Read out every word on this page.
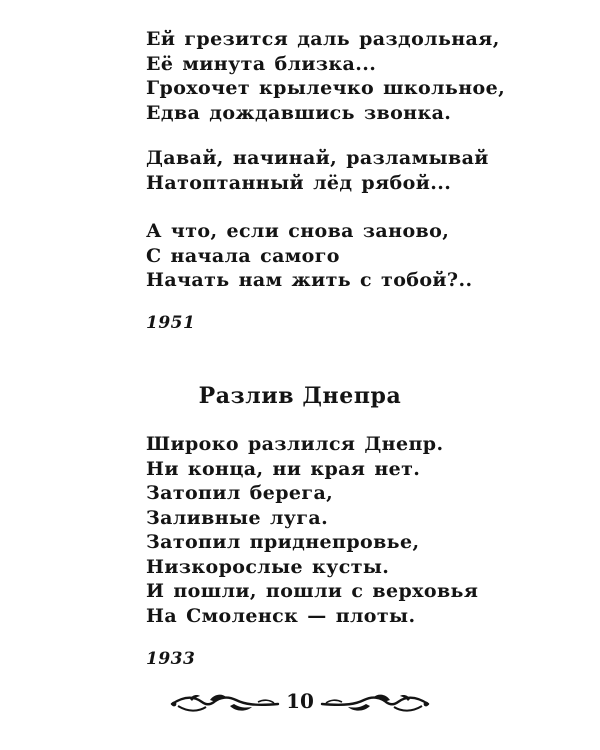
Ей грезится даль раздольная,
Её минута близка...
Грохочет крылечко школьное,
Едва дождавшись звонка.
Давай, начинай, разламывай
Натоптанный лёд рябой...
А что, если снова заново,
С начала самого
Начать нам жить с тобой?..
1951
Разлив Днепра
Широко разлился Днепр.
Ни конца, ни края нет.
Затопил берега,
Заливные луга.
Затопил приднепровье,
Низкорослые кусты.
И пошли, пошли с верховья
На Смоленск — плоты.
1933
10
